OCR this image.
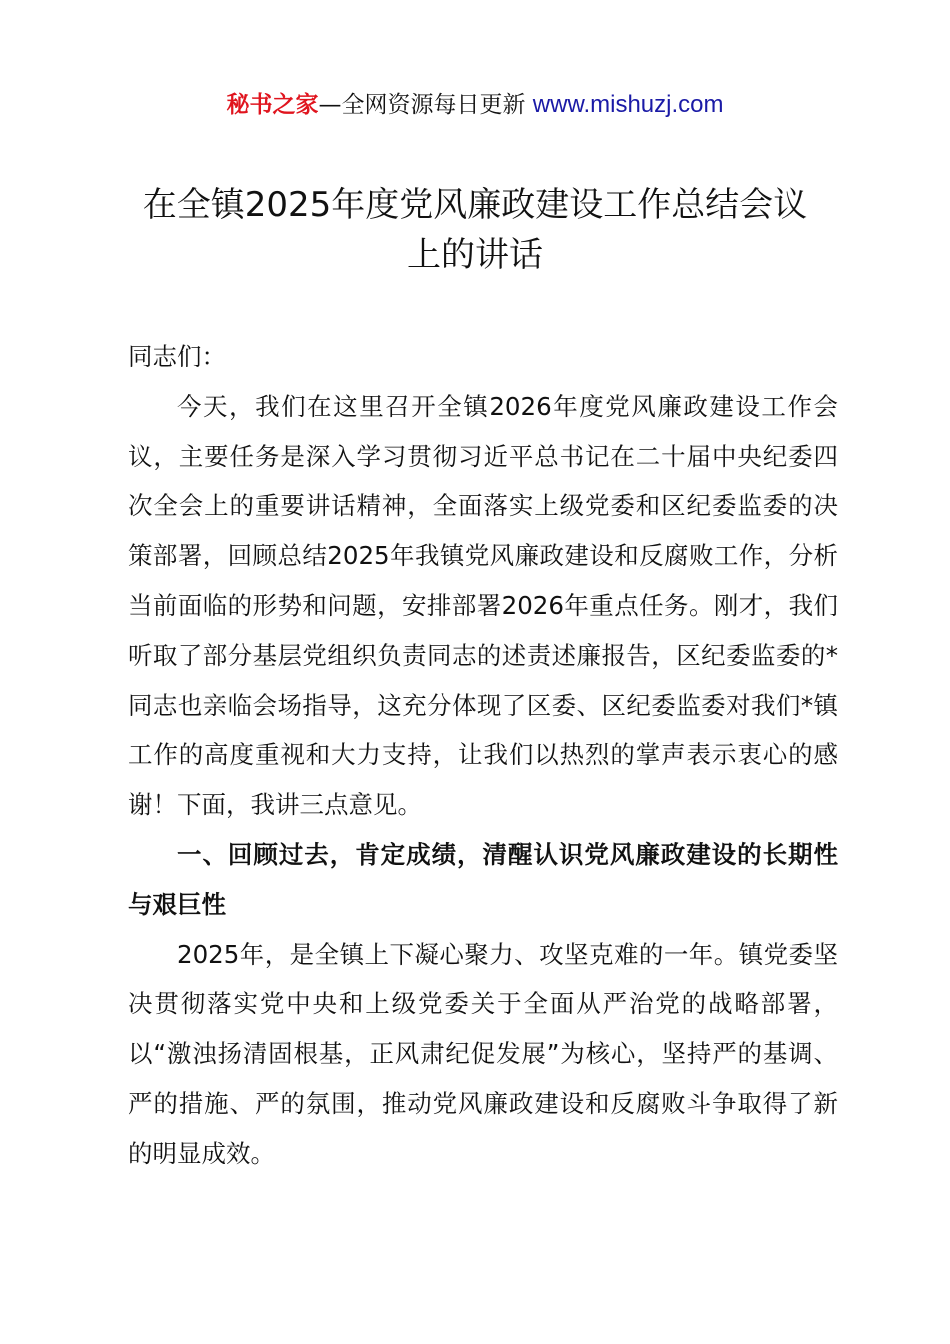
秘书之家—全网资源每日更新 www.mishuzj.com
在全镇2025年度党风廉政建设工作总结会议
上的讲话

同志们：

今天，我们在这里召开全镇2026年度党风廉政建设工作会议，主要任务是深入学习贯彻习近平总书记在二十届中央纪委四次全会上的重要讲话精神，全面落实上级党委和区纪委监委的决策部署，回顾总结2025年我镇党风廉政建设和反腐败工作，分析当前面临的形势和问题，安排部署2026年重点任务。刚才，我们听取了部分基层党组织负责同志的述责述廉报告，区纪委监委的*同志也亲临会场指导，这充分体现了区委、区纪委监委对我们*镇工作的高度重视和大力支持，让我们以热烈的掌声表示衷心的感谢！下面，我讲三点意见。

一、回顾过去，肯定成绩，清醒认识党风廉政建设的长期性与艰巨性

2025年，是全镇上下凝心聚力、攻坚克难的一年。镇党委坚决贯彻落实党中央和上级党委关于全面从严治党的战略部署，以“激浊扬清固根基，正风肃纪促发展”为核心，坚持严的基调、严的措施、严的氛围，推动党风廉政建设和反腐败斗争取得了新的明显成效。
